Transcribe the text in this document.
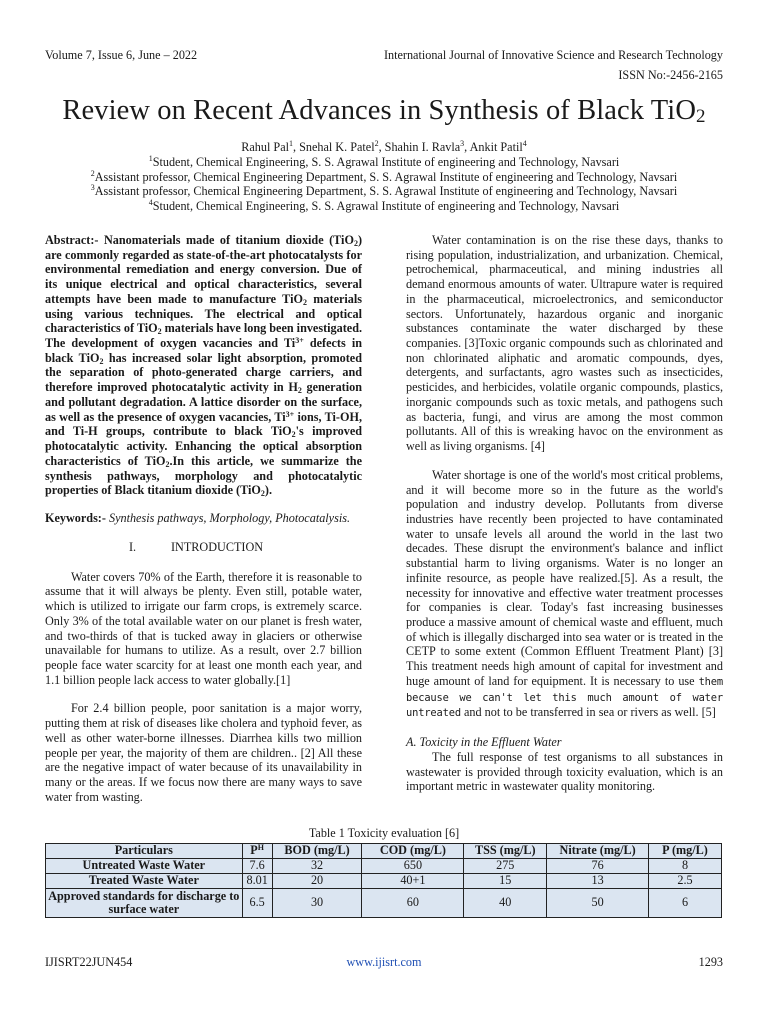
Volume 7, Issue 6, June – 2022	International Journal of Innovative Science and Research Technology
ISSN No:-2456-2165
Review on Recent Advances in Synthesis of Black TiO$_2$
Rahul Pal$^1$, Snehal K. Patel$^2$, Shahin I. Ravla$^3$, Ankit Patil$^4$
$^1$Student, Chemical Engineering, S. S. Agrawal Institute of engineering and Technology, Navsari
$^2$Assistant professor, Chemical Engineering Department, S. S. Agrawal Institute of engineering and Technology, Navsari
$^3$Assistant professor, Chemical Engineering Department, S. S. Agrawal Institute of engineering and Technology, Navsari
$^4$Student, Chemical Engineering, S. S. Agrawal Institute of engineering and Technology, Navsari

Abstract:- Nanomaterials made of titanium dioxide (TiO$_2$) are commonly regarded as state-of-the-art photocatalysts for environmental remediation and energy conversion. Due of its unique electrical and optical characteristics, several attempts have been made to manufacture TiO$_2$ materials using various techniques. The electrical and optical characteristics of TiO$_2$ materials have long been investigated. The development of oxygen vacancies and $Ti^{3+}$ defects in black TiO$_2$ has increased solar light absorption, promoted the separation of photo-generated charge carriers, and therefore improved photocatalytic activity in $H_2$ generation and pollutant degradation. A lattice disorder on the surface, as well as the presence of oxygen vacancies, $Ti^{3+}$ ions, Ti-OH, and Ti-H groups, contribute to black TiO$_2$'s improved photocatalytic activity. Enhancing the optical absorption characteristics of TiO$_2$.In this article, we summarize the synthesis pathways, morphology and photocatalytic properties of Black titanium dioxide (TiO$_2$).

Keywords:- Synthesis pathways, Morphology, Photocatalysis.

I.	INTRODUCTION

Water covers 70% of the Earth, therefore it is reasonable to assume that it will always be plenty. Even still, potable water, which is utilized to irrigate our farm crops, is extremely scarce. Only 3% of the total available water on our planet is fresh water, and two-thirds of that is tucked away in glaciers or otherwise unavailable for humans to utilize. As a result, over 2.7 billion people face water scarcity for at least one month each year, and 1.1 billion people lack access to water globally.[1]

For 2.4 billion people, poor sanitation is a major worry, putting them at risk of diseases like cholera and typhoid fever, as well as other water-borne illnesses. Diarrhea kills two million people per year, the majority of them are children.. [2] All these are the negative impact of water because of its unavailability in many or the areas. If we focus now there are many ways to save water from wasting.

Water contamination is on the rise these days, thanks to rising population, industrialization, and urbanization. Chemical, petrochemical, pharmaceutical, and mining industries all demand enormous amounts of water. Ultrapure water is required in the pharmaceutical, microelectronics, and semiconductor sectors. Unfortunately, hazardous organic and inorganic substances contaminate the water discharged by these companies. [3]Toxic organic compounds such as chlorinated and non chlorinated aliphatic and aromatic compounds, dyes, detergents, and surfactants, agro wastes such as insecticides, pesticides, and herbicides, volatile organic compounds, plastics, inorganic compounds such as toxic metals, and pathogens such as bacteria, fungi, and virus are among the most common pollutants. All of this is wreaking havoc on the environment as well as living organisms. [4]

Water shortage is one of the world's most critical problems, and it will become more so in the future as the world's population and industry develop. Pollutants from diverse industries have recently been projected to have contaminated water to unsafe levels all around the world in the last two decades. These disrupt the environment's balance and inflict substantial harm to living organisms. Water is no longer an infinite resource, as people have realized.[5]. As a result, the necessity for innovative and effective water treatment processes for companies is clear. Today's fast increasing businesses produce a massive amount of chemical waste and effluent, much of which is illegally discharged into sea water or is treated in the CETP to some extent (Common Effluent Treatment Plant) [3] This treatment needs high amount of capital for investment and huge amount of land for equipment. It is necessary to use them because we can't let this much amount of water untreated and not to be transferred in sea or rivers as well. [5]

A. Toxicity in the Effluent Water

The full response of test organisms to all substances in wastewater is provided through toxicity evaluation, which is an important metric in wastewater quality monitoring.

Table 1 Toxicity evaluation [6]
Particulars	$P^H$	BOD (mg/L)	COD (mg/L)	TSS (mg/L)	Nitrate (mg/L)	P (mg/L)
Untreated Waste Water	7.6	32	650	275	76	8
Treated Waste Water	8.01	20	40+1	15	13	2.5
Approved standards for discharge to surface water	6.5	30	60	40	50	6
IJISRT22JUN454	www.ijisrt.com	1293
